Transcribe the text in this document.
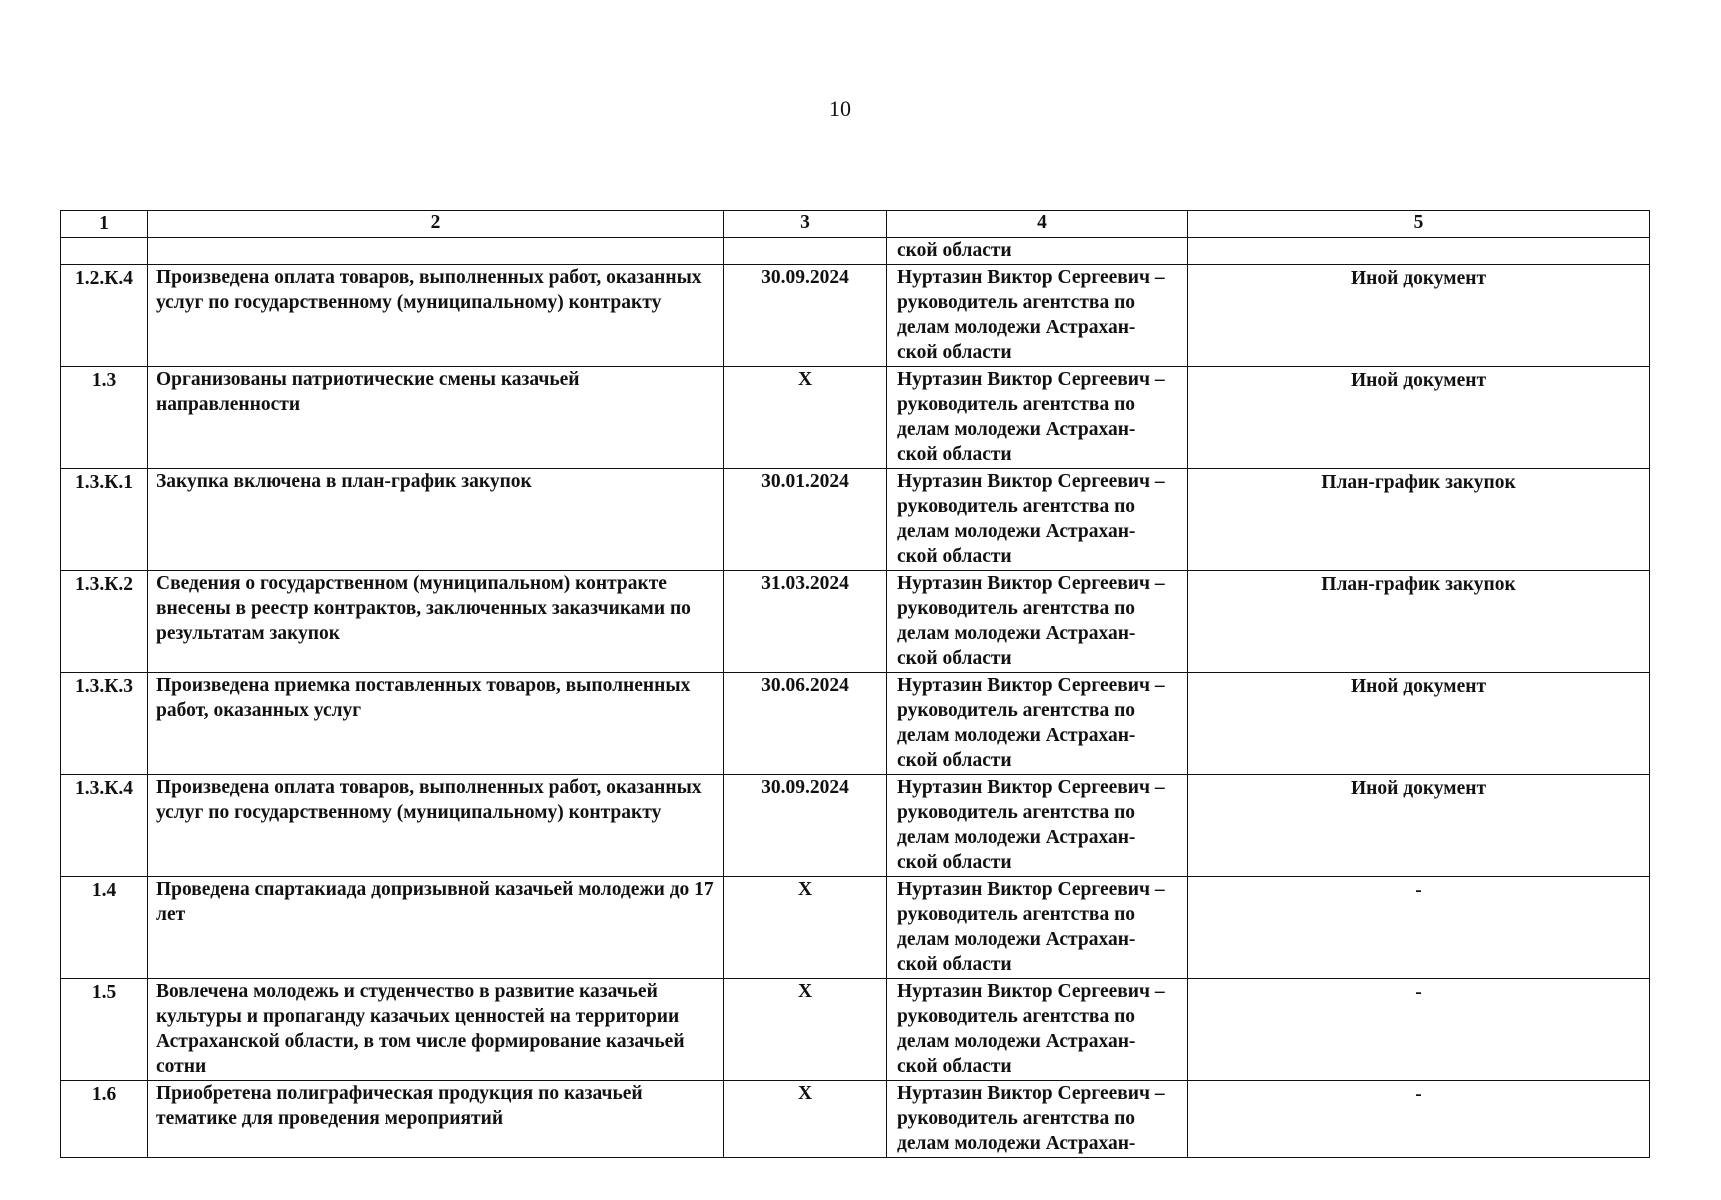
10
1	2	3	4	5

			ской области	

1.2.К.4	Произведена оплата товаров, выполненных работ, оказанных услуг по государственному (муниципальному) контракту	30.09.2024	Нуртазин Виктор Сергеевич –
руководитель агентства по
делам молодежи Астрахан-
ской области	Иной документ
1.3	Организованы патриотические смены казачьей направленности	X	Нуртазин Виктор Сергеевич –
руководитель агентства по
делам молодежи Астрахан-
ской области	Иной документ
1.3.К.1	Закупка включена в план-график закупок	30.01.2024	Нуртазин Виктор Сергеевич –
руководитель агентства по
делам молодежи Астрахан-
ской области	План-график закупок
1.3.К.2	Сведения о государственном (муниципальном) контракте внесены в реестр контрактов, заключенных заказчиками по результатам закупок	31.03.2024	Нуртазин Виктор Сергеевич –
руководитель агентства по
делам молодежи Астрахан-
ской области	План-график закупок
1.3.К.3	Произведена приемка поставленных товаров, выполненных работ, оказанных услуг	30.06.2024	Нуртазин Виктор Сергеевич –
руководитель агентства по
делам молодежи Астрахан-
ской области	Иной документ
1.3.К.4	Произведена оплата товаров, выполненных работ, оказанных услуг по государственному (муниципальному) контракту	30.09.2024	Нуртазин Виктор Сергеевич –
руководитель агентства по
делам молодежи Астрахан-
ской области	Иной документ
1.4	Проведена спартакиада допризывной казачьей молодежи до 17 лет	X	Нуртазин Виктор Сергеевич –
руководитель агентства по
делам молодежи Астрахан-
ской области	-
1.5	Вовлечена молодежь и студенчество в развитие казачьей культуры и пропаганду казачьих ценностей на территории Астраханской области, в том числе формирование казачьей сотни	X	Нуртазин Виктор Сергеевич –
руководитель агентства по
делам молодежи Астрахан-
ской области	-
1.6	Приобретена полиграфическая продукция по казачьей тематике для проведения мероприятий	X	Нуртазин Виктор Сергеевич –
руководитель агентства по
делам молодежи Астрахан-	-
